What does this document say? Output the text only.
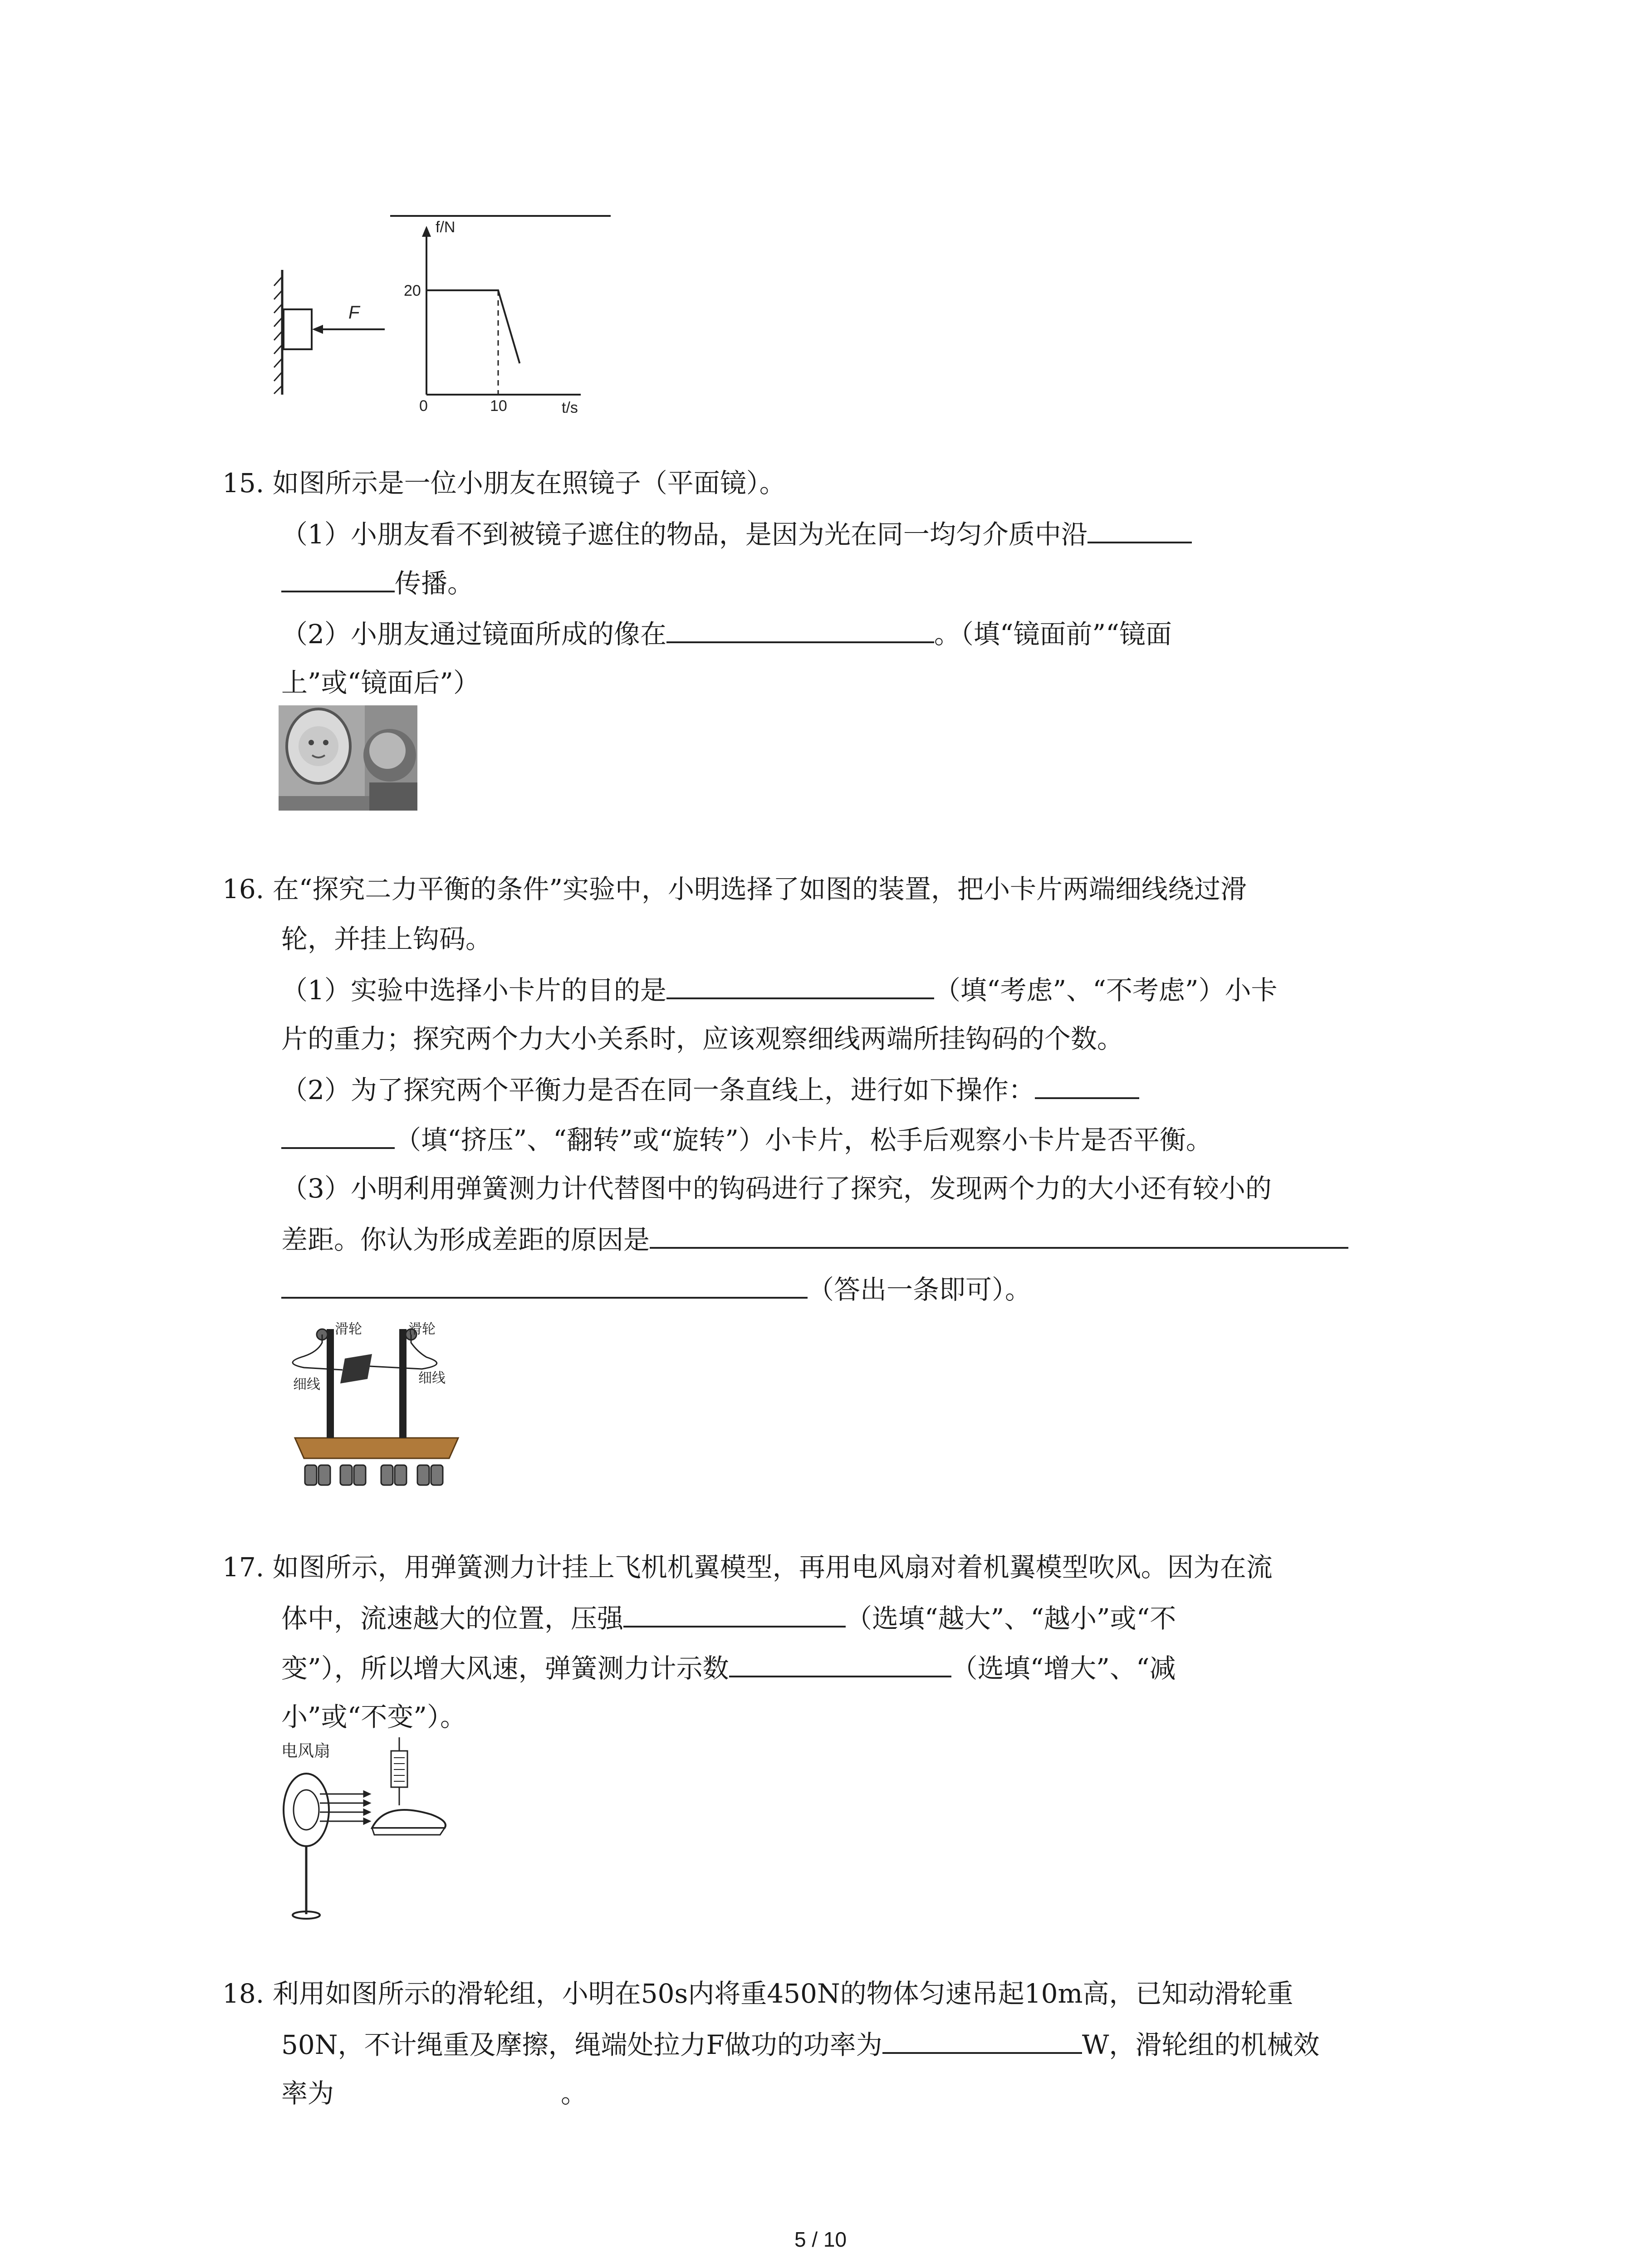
F
f/N
t/s
20
10
0
15. 如图所示是一位小朋友在照镜子（平面镜）。
（1）小朋友看不到被镜子遮住的物品，是因为光在同一均匀介质中沿
传播。
（2）小朋友通过镜面所成的像在	。（填“镜面前”“镜面
上”或“镜面后”）
16. 在“探究二力平衡的条件”实验中，小明选择了如图的装置，把小卡片两端细线绕过滑
轮，并挂上钩码。
（1）实验中选择小卡片的目的是	（填“考虑”、“不考虑”）小卡
片的重力；探究两个力大小关系时，应该观察细线两端所挂钩码的个数。
（2）为了探究两个平衡力是否在同一条直线上，进行如下操作：
（填“挤压”、“翻转”或“旋转”）小卡片，松手后观察小卡片是否平衡。
（3）小明利用弹簧测力计代替图中的钩码进行了探究，发现两个力的大小还有较小的
差距。你认为形成差距的原因是
（答出一条即可）。
滑轮	滑轮
细线	细线
17. 如图所示，用弹簧测力计挂上飞机机翼模型，再用电风扇对着机翼模型吹风。因为在流
体中，流速越大的位置，压强	（选填“越大”、“越小”或“不
变”），所以增大风速，弹簧测力计示数	（选填“增大”、“减
小”或“不变”）。
电风扇
18. 利用如图所示的滑轮组，小明在50s内将重450N的物体匀速吊起10m高，已知动滑轮重
50N，不计绳重及摩擦，绳端处拉力F做功的功率为	W，滑轮组的机械效
率为	。
5 / 10
